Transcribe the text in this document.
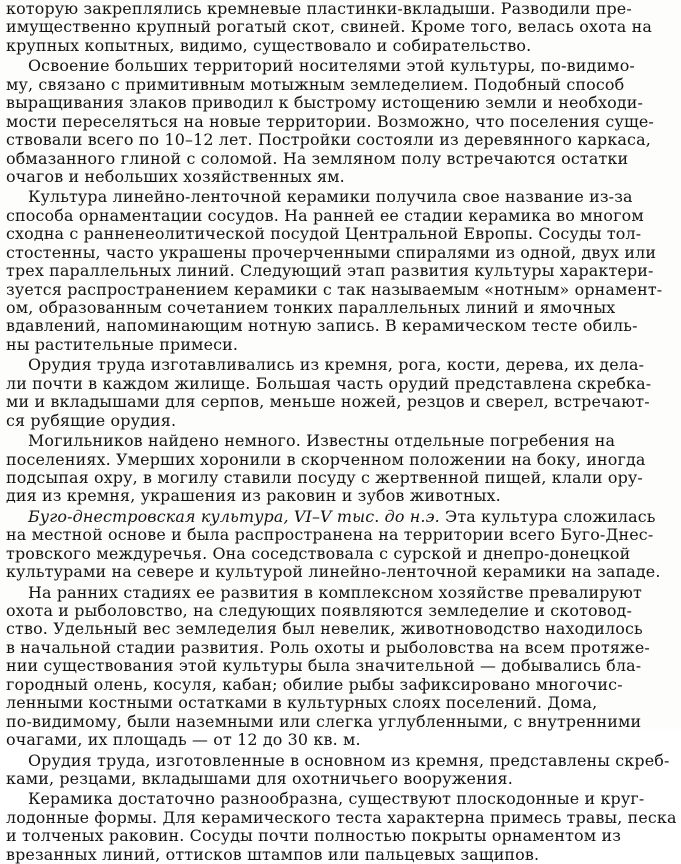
которую закреплялись кремневые пластинки-вкладыши. Разводили пре-
имущественно крупный рогатый скот, свиней. Кроме того, велась охота на
крупных копытных, видимо, существовало и собирательство.
Освоение больших территорий носителями этой культуры, по-видимо-
му, связано с примитивным мотыжным земледелием. Подобный способ
выращивания злаков приводил к быстрому истощению земли и необходи-
мости переселяться на новые территории. Возможно, что поселения суще-
ствовали всего по 10–12 лет. Постройки состояли из деревянного каркаса,
обмазанного глиной с соломой. На земляном полу встречаются остатки
очагов и небольших хозяйственных ям.
Культура линейно-ленточной керамики получила свое название из-за
способа орнаментации сосудов. На ранней ее стадии керамика во многом
сходна с ранненеолитической посудой Центральной Европы. Сосуды тол-
стостенны, часто украшены прочерченными спиралями из одной, двух или
трех параллельных линий. Следующий этап развития культуры характери-
зуется распространением керамики с так называемым «нотным» орнамент-
ом, образованным сочетанием тонких параллельных линий и ямочных
вдавлений, напоминающим нотную запись. В керамическом тесте обиль-
ны растительные примеси.
Орудия труда изготавливались из кремня, рога, кости, дерева, их дела-
ли почти в каждом жилище. Большая часть орудий представлена скребка-
ми и вкладышами для серпов, меньше ножей, резцов и сверел, встречают-
ся рубящие орудия.
Могильников найдено немного. Известны отдельные погребения на
поселениях. Умерших хоронили в скорченном положении на боку, иногда
подсыпая охру, в могилу ставили посуду с жертвенной пищей, клали ору-
дия из кремня, украшения из раковин и зубов животных.
Буго-днестровская культура, VI–V тыс. до н.э. Эта культура сложилась
на местной основе и была распространена на территории всего Буго-Днес-
тровского междуречья. Она соседствовала с сурской и днепро-донецкой
культурами на севере и культурой линейно-ленточной керамики на западе.
На ранних стадиях ее развития в комплексном хозяйстве превалируют
охота и рыболовство, на следующих появляются земледелие и скотовод-
ство. Удельный вес земледелия был невелик, животноводство находилось
в начальной стадии развития. Роль охоты и рыболовства на всем протяже-
нии существования этой культуры была значительной — добывались бла-
городный олень, косуля, кабан; обилие рыбы зафиксировано многочис-
ленными костными остатками в культурных слоях поселений. Дома,
по-видимому, были наземными или слегка углубленными, с внутренними
очагами, их площадь — от 12 до 30 кв. м.
Орудия труда, изготовленные в основном из кремня, представлены скреб-
ками, резцами, вкладышами для охотничьего вооружения.
Керамика достаточно разнообразна, существуют плоскодонные и круг-
лодонные формы. Для керамического теста характерна примесь травы, песка
и толченых раковин. Сосуды почти полностью покрыты орнаментом из
врезанных линий, оттисков штампов или пальцевых защипов.
